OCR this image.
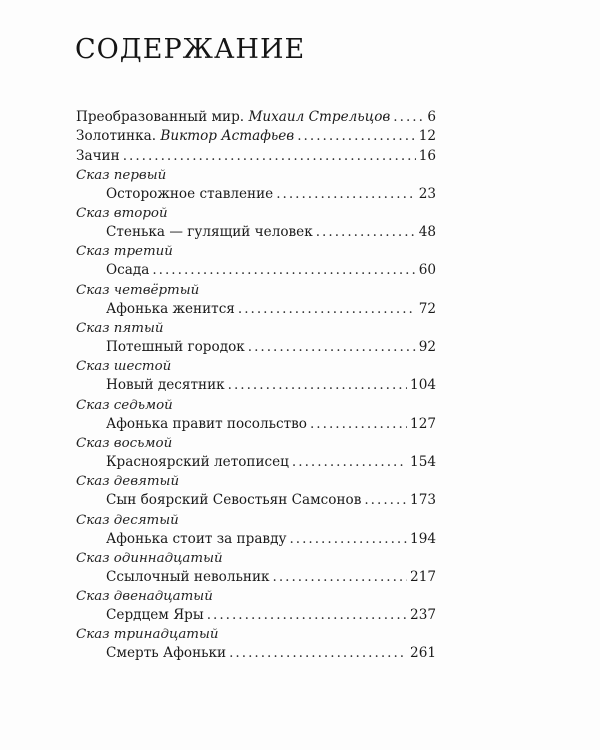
СОДЕРЖАНИЕ
Преобразованный мир. Михаил Стрельцов .....	6
Золотинка. Виктор Астафьев .....	12
Зачин .....	16
Сказ первый
Осторожное ставление .....	23
Сказ второй
Стенька — гулящий человек .....	48
Сказ третий
Осада .....	60
Сказ четвёртый
Афонька женится .....	72
Сказ пятый
Потешный городок .....	92
Сказ шестой
Новый десятник .....	104
Сказ седьмой
Афонька правит посольство .....	127
Сказ восьмой
Красноярский летописец .....	154
Сказ девятый
Сын боярский Севостьян Самсонов .....	173
Сказ десятый
Афонька стоит за правду .....	194
Сказ одиннадцатый
Ссылочный невольник .....	217
Сказ двенадцатый
Сердцем Яры .....	237
Сказ тринадцатый
Смерть Афоньки .....	261
